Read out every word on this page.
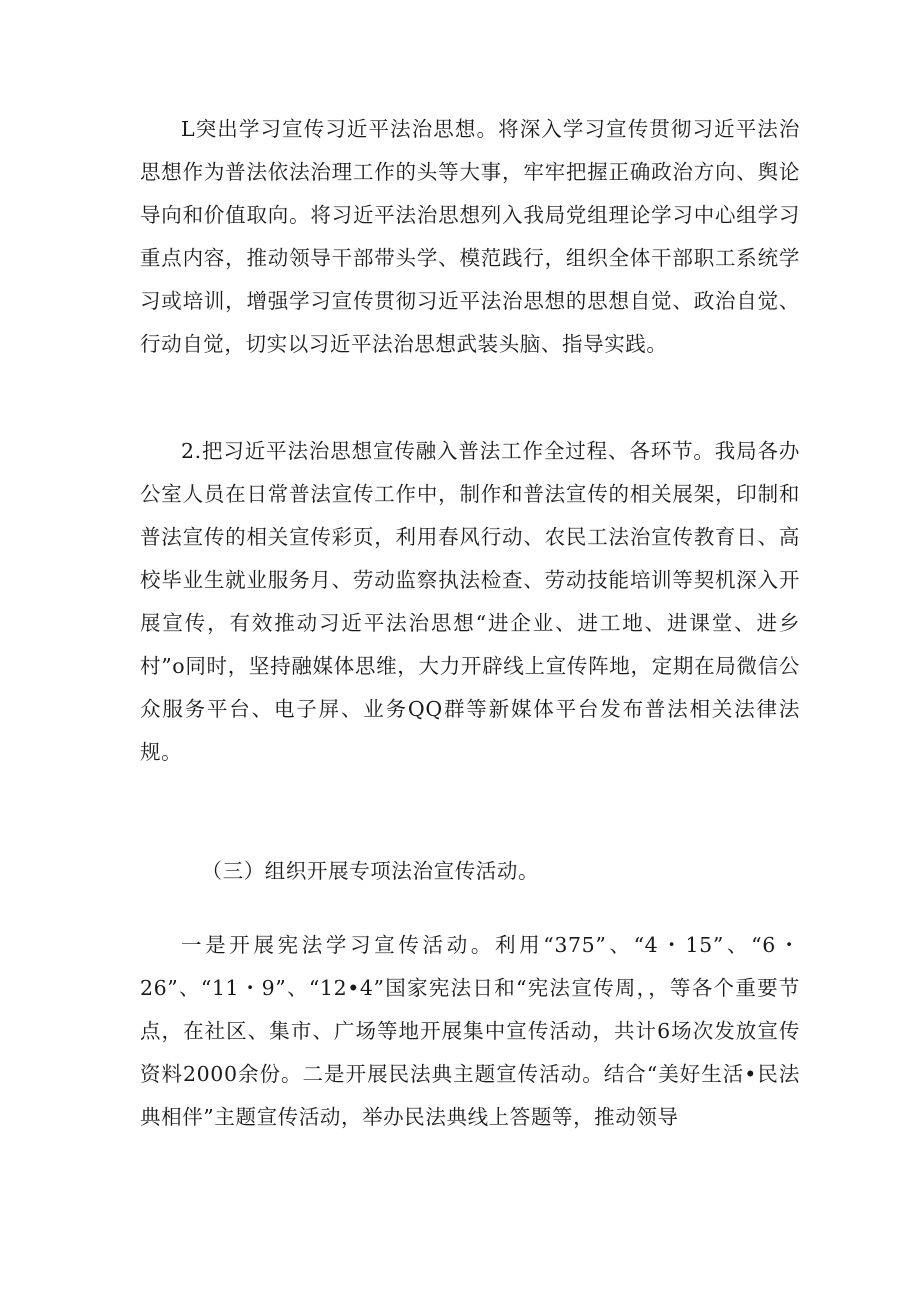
L突出学习宣传习近平法治思想。将深入学习宣传贯彻习近平法治思想作为普法依法治理工作的头等大事，牢牢把握正确政治方向、舆论导向和价值取向。将习近平法治思想列入我局党组理论学习中心组学习重点内容，推动领导干部带头学、模范践行，组织全体干部职工系统学习或培训，增强学习宣传贯彻习近平法治思想的思想自觉、政治自觉、行动自觉，切实以习近平法治思想武装头脑、指导实践。

2.把习近平法治思想宣传融入普法工作全过程、各环节。我局各办公室人员在日常普法宣传工作中，制作和普法宣传的相关展架，印制和普法宣传的相关宣传彩页，利用春风行动、农民工法治宣传教育日、高校毕业生就业服务月、劳动监察执法检查、劳动技能培训等契机深入开展宣传，有效推动习近平法治思想“进企业、进工地、进课堂、进乡村”o同时，坚持融媒体思维，大力开辟线上宣传阵地，定期在局微信公众服务平台、电子屏、业务QQ群等新媒体平台发布普法相关法律法规。

（三）组织开展专项法治宣传活动。

一是开展宪法学习宣传活动。利用“375”、“4・15”、“6・26”、“11・9”、“12•4”国家宪法日和“宪法宣传周，，等各个重要节点，在社区、集市、广场等地开展集中宣传活动，共计6场次发放宣传资料2000余份。二是开展民法典主题宣传活动。结合“美好生活•民法典相伴”主题宣传活动，举办民法典线上答题等，推动领导
